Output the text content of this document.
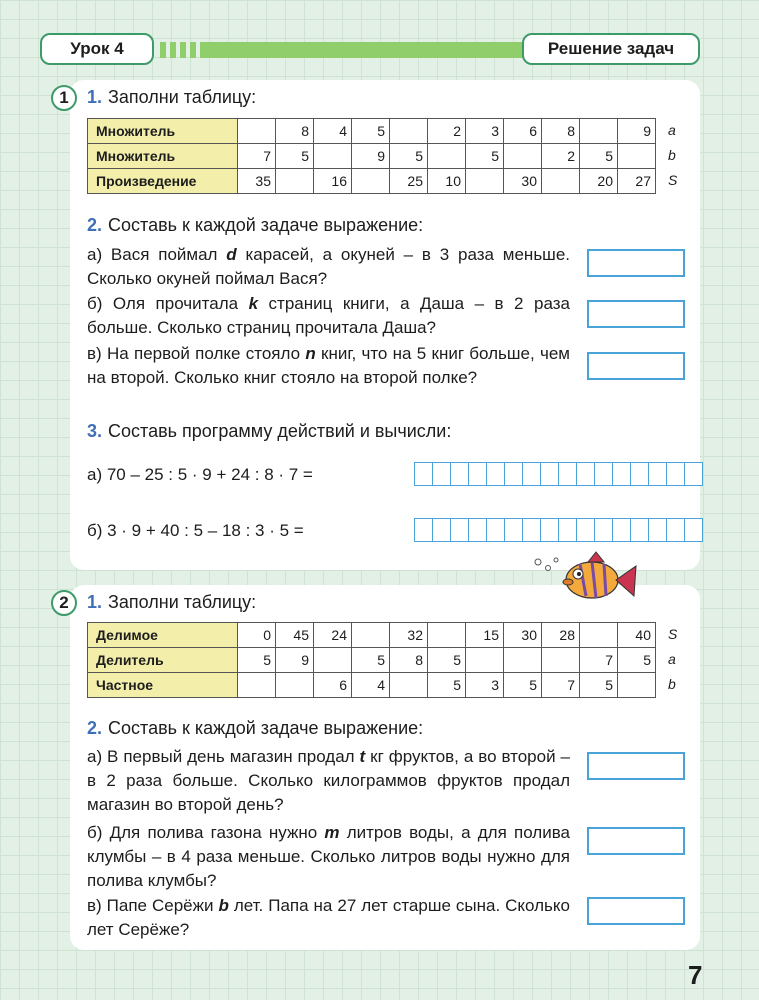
Урок 4	Решение задач
1	1. Заполни таблицу:
Множитель		8	4	5		2	3	6	8		9
Множитель	7	5		9	5		5		2	5	
Произведение	35		16		25	10		30		20	27
a
b
S
2. Составь к каждой задаче выражение:
а) Вася поймал d карасей, а окуней – в 3 раза меньше. Сколько окуней поймал Вася?
б) Оля прочитала k страниц книги, а Даша – в 2 раза больше. Сколько страниц прочитала Даша?
в) На первой полке стояло n книг, что на 5 книг больше, чем на второй. Сколько книг стояло на второй полке?
3. Составь программу действий и вычисли:
а) 70 – 25 : 5 · 9 + 24 : 8 · 7 =
б) 3 · 9 + 40 : 5 – 18 : 3 · 5 =
2	1. Заполни таблицу:
Делимое	0	45	24		32		15	30	28		40
Делитель	5	9		5	8	5				7	5
Частное			6	4		5	3	5	7	5	
S
a
b
2. Составь к каждой задаче выражение:
а) В первый день магазин продал t кг фруктов, а во второй – в 2 раза больше. Сколько килограммов фруктов продал магазин во второй день?
б) Для полива газона нужно m литров воды, а для полива клумбы – в 4 раза меньше. Сколько литров воды нужно для полива клумбы?
в) Папе Серёжи b лет. Папа на 27 лет старше сына. Сколько лет Серёже?
7
